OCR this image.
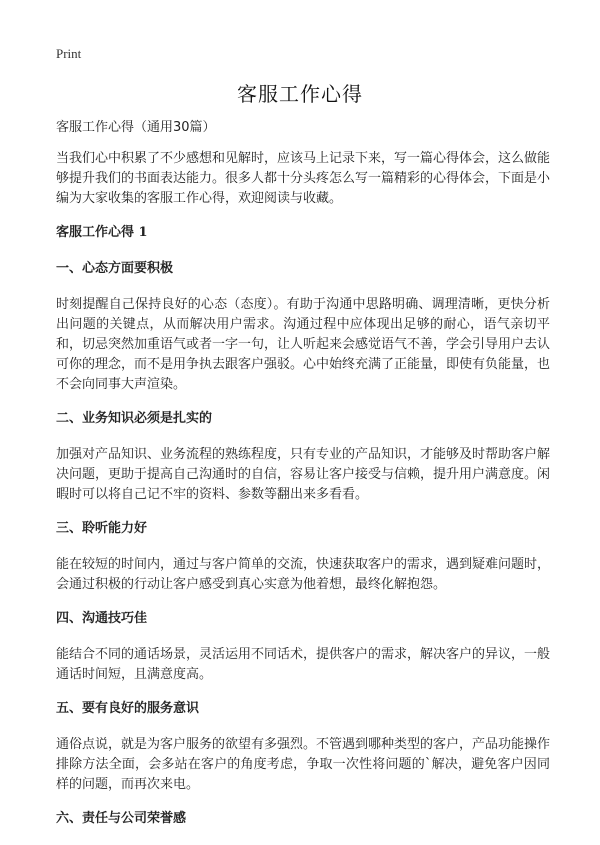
Print
客服工作心得

客服工作心得（通用30篇）

当我们心中积累了不少感想和见解时，应该马上记录下来，写一篇心得体会，这么做能够提升我们的书面表达能力。很多人都十分头疼怎么写一篇精彩的心得体会，下面是小编为大家收集的客服工作心得，欢迎阅读与收藏。

客服工作心得 1

一、心态方面要积极

时刻提醒自己保持良好的心态（态度）。有助于沟通中思路明确、调理清晰，更快分析出问题的关键点，从而解决用户需求。沟通过程中应体现出足够的耐心，语气亲切平和，切忌突然加重语气或者一字一句，让人听起来会感觉语气不善，学会引导用户去认可你的理念，而不是用争执去跟客户强驳。心中始终充满了正能量，即使有负能量，也不会向同事大声渲染。

二、业务知识必须是扎实的

加强对产品知识、业务流程的熟练程度，只有专业的产品知识，才能够及时帮助客户解决问题，更助于提高自己沟通时的自信，容易让客户接受与信赖，提升用户满意度。闲暇时可以将自己记不牢的资料、参数等翻出来多看看。

三、聆听能力好

能在较短的时间内，通过与客户简单的交流，快速获取客户的需求，遇到疑难问题时，会通过积极的行动让客户感受到真心实意为他着想，最终化解抱怨。

四、沟通技巧佳

能结合不同的通话场景，灵活运用不同话术，提供客户的需求，解决客户的异议，一般通话时间短，且满意度高。

五、要有良好的服务意识

通俗点说，就是为客户服务的欲望有多强烈。不管遇到哪种类型的客户，产品功能操作排除方法全面，会多站在客户的角度考虑，争取一次性将问题的`解决，避免客户因同样的问题，而再次来电。

六、责任与公司荣誉感
